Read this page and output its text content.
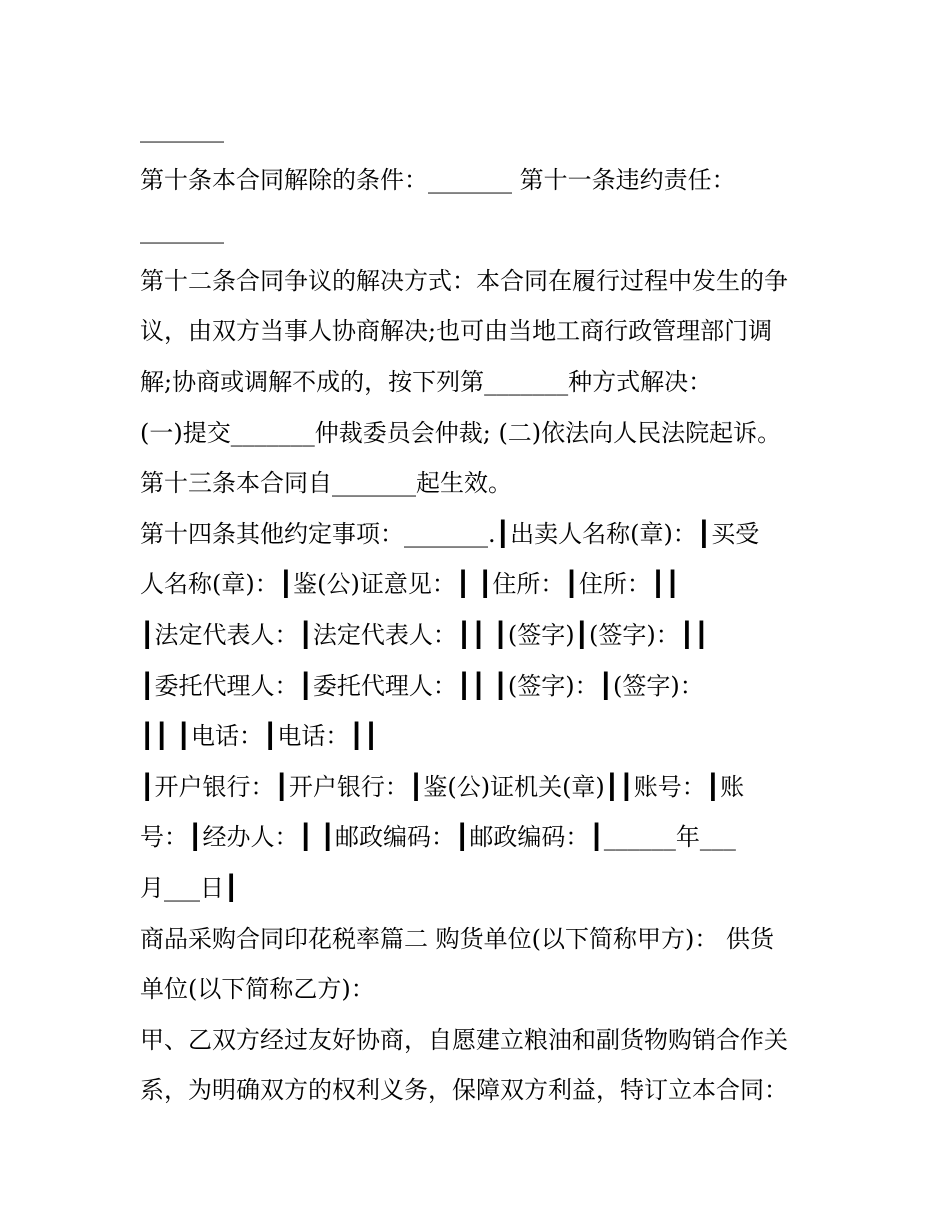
_______
第十条本合同解除的条件：_______ 第十一条违约责任：
_______
第十二条合同争议的解决方式：本合同在履行过程中发生的争
议，由双方当事人协商解决;也可由当地工商行政管理部门调
解;协商或调解不成的，按下列第_______种方式解决：
(一)提交_______仲裁委员会仲裁; (二)依法向人民法院起诉。
第十三条本合同自_______起生效。
第十四条其他约定事项：_______.┃出卖人名称(章)：┃买受
人名称(章)：┃鉴(公)证意见：┃ ┃住所：┃住所：┃┃
┃法定代表人：┃法定代表人：┃┃ ┃(签字)┃(签字)：┃┃
┃委托代理人：┃委托代理人：┃┃ ┃(签字)：┃(签字)：
┃┃ ┃电话：┃电话：┃┃
┃开户银行：┃开户银行：┃鉴(公)证机关(章)┃┃账号：┃账
号：┃经办人：┃ ┃邮政编码：┃邮政编码：┃______年___
月___日┃
商品采购合同印花税率篇二 购货单位(以下简称甲方)： 供货
单位(以下简称乙方)：
甲、乙双方经过友好协商，自愿建立粮油和副货物购销合作关
系，为明确双方的权利义务，保障双方利益，特订立本合同：
